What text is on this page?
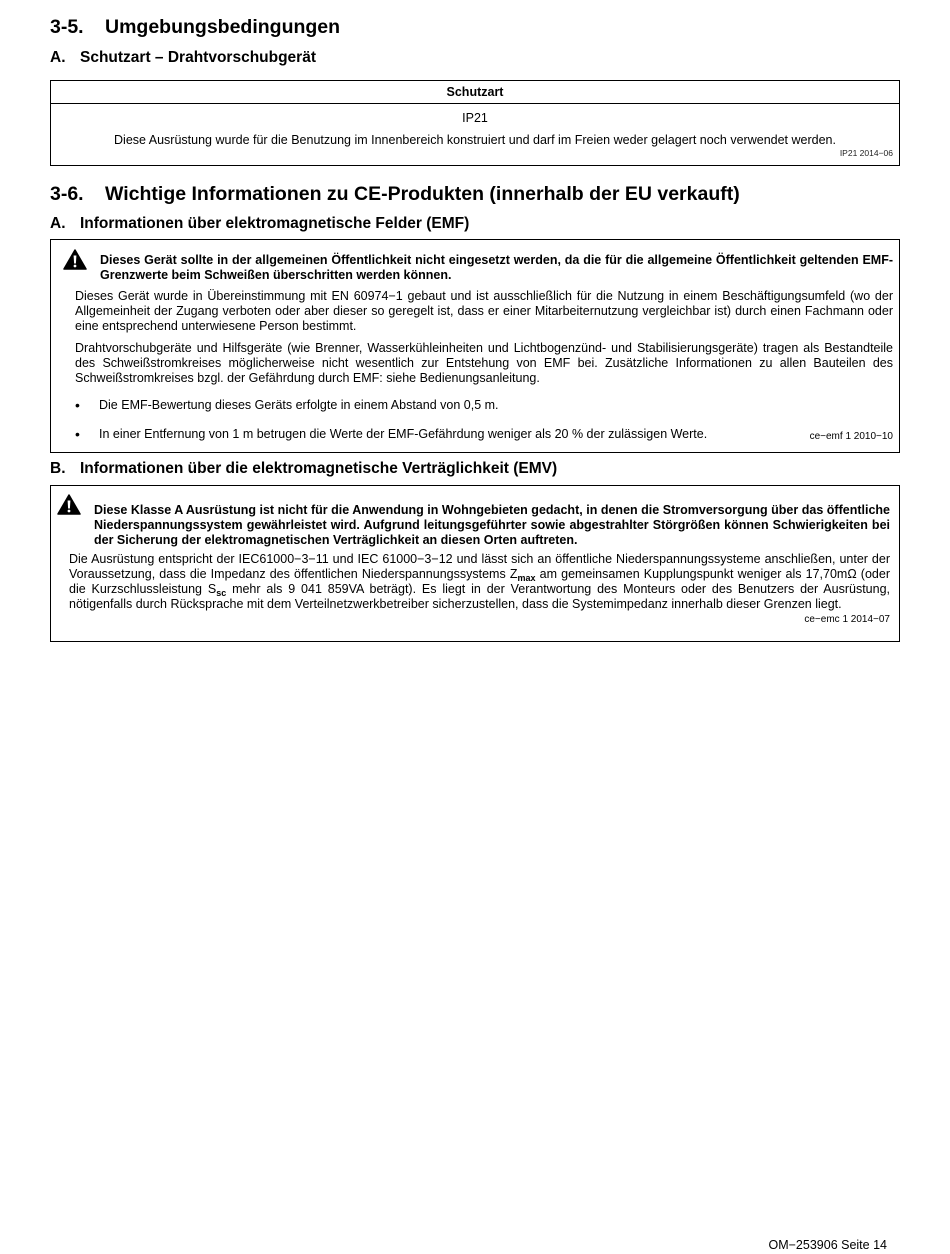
3-5. Umgebungsbedingungen
A. Schutzart – Drahtvorschubgerät
Schutzart
IP21
Diese Ausrüstung wurde für die Benutzung im Innenbereich konstruiert und darf im Freien weder gelagert noch verwendet werden.
IP21 2014−06
3-6. Wichtige Informationen zu CE-Produkten (innerhalb der EU verkauft)
A. Informationen über elektromagnetische Felder (EMF)
Dieses Gerät sollte in der allgemeinen Öffentlichkeit nicht eingesetzt werden, da die für die allgemeine Öffentlichkeit geltenden EMF-Grenzwerte beim Schweißen überschritten werden können.
Dieses Gerät wurde in Übereinstimmung mit EN 60974−1 gebaut und ist ausschließlich für die Nutzung in einem Beschäftigungsumfeld (wo der Allgemeinheit der Zugang verboten oder aber dieser so geregelt ist, dass er einer Mitarbeiternutzung vergleichbar ist) durch einen Fachmann oder eine entsprechend unterwiesene Person bestimmt.
Drahtvorschubgeräte und Hilfsgeräte (wie Brenner, Wasserkühleinheiten und Lichtbogenzünd- und Stabilisierungsgeräte) tragen als Bestandteile des Schweißstromkreises möglicherweise nicht wesentlich zur Entstehung von EMF bei. Zusätzliche Informationen zu allen Bauteilen des Schweißstromkreises bzgl. der Gefährdung durch EMF: siehe Bedienungsanleitung.
•	Die EMF-Bewertung dieses Geräts erfolgte in einem Abstand von 0,5 m.
•	In einer Entfernung von 1 m betrugen die Werte der EMF-Gefährdung weniger als 20 % der zulässigen Werte.	ce−emf 1 2010−10
B. Informationen über die elektromagnetische Verträglichkeit (EMV)
Diese Klasse A Ausrüstung ist nicht für die Anwendung in Wohngebieten gedacht, in denen die Stromversorgung über das öffentliche Niederspannungssystem gewährleistet wird. Aufgrund leitungsgeführter sowie abgestrahlter Störgrößen können Schwierigkeiten bei der Sicherung der elektromagnetischen Verträglichkeit an diesen Orten auftreten.
Die Ausrüstung entspricht der IEC61000−3−11 und IEC 61000−3−12 und lässt sich an öffentliche Niederspannungssysteme anschließen, unter der Voraussetzung, dass die Impedanz des öffentlichen Niederspannungssystems $Z_{max}$ am gemeinsamen Kupplungspunkt weniger als 17,70mΩ (oder die Kurzschlussleistung $S_{sc}$ mehr als 9 041 859VA beträgt). Es liegt in der Verantwortung des Monteurs oder des Benutzers der Ausrüstung, nötigenfalls durch Rücksprache mit dem Verteilnetzwerkbetreiber sicherzustellen, dass die Systemimpedanz innerhalb dieser Grenzen liegt.
ce−emc 1 2014−07
OM−253906 Seite 14
